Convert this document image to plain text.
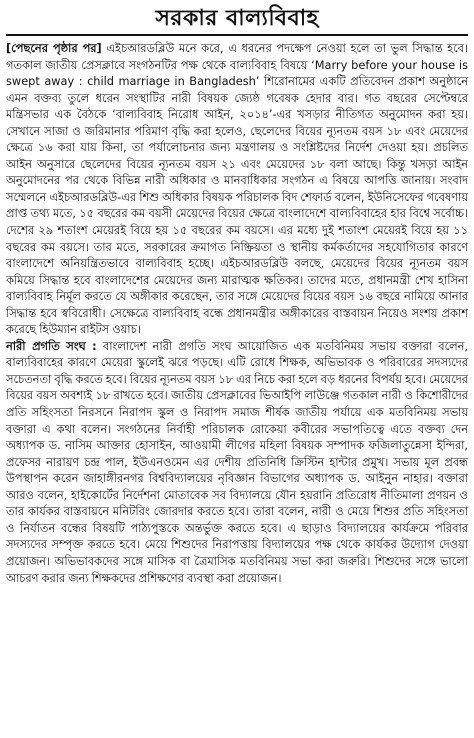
সরকার বাল্যবিবাহ

[পেছনের পৃষ্ঠার পর] এইচআরডব্লিউ মনে করে, এ ধরনের পদক্ষেপ নেওয়া হলে তা ভুল সিদ্ধান্ত হবে। গতকাল জাতীয় প্রেসক্লাবে সংগঠনটির পক্ষ থেকে বাল্যবিবাহ বিষয়ে ‘Marry before your house is swept away : child marriage in Bangladesh’ শিরোনামের একটি প্রতিবেদন প্রকাশ অনুষ্ঠানে এমন বক্তব্য তুলে ধরেন সংস্থাটির নারী বিষয়ক জ্যেষ্ঠ গবেষক হেদার বার। গত বছরের সেপ্টেম্বরে মন্ত্রিসভার এক বৈঠকে ‘বাল্যবিবাহ নিরোধ আইন, ২০১৪’-এর খসড়ার নীতিগত অনুমোদন করা হয়। সেখানে সাজা ও জরিমানার পরিমাণ বৃদ্ধি করা হলেও, ছেলেদের বিয়ের ন্যূনতম বয়স ১৮ এবং মেয়েদের ক্ষেত্রে ১৬ করা যায় কিনা, তা পর্যালোচনার জন্য মন্ত্রণালয় ও সংশ্লিষ্টদের নির্দেশ দেওয়া হয়। প্রচলিত আইন অনুসারে ছেলেদের বিয়ের ন্যূনতম বয়স ২১ এবং মেয়েদের ১৮ বলা আছে। কিন্তু খসড়া আইন অনুমোদনের পর থেকে বিভিন্ন নারী অধিকার ও মানবাধিকার সংগঠন এ বিষয়ে আপত্তি জানায়। সংবাদ সম্মেলনে এইচআরডব্লিউ-এর শিশু অধিকার বিষয়ক পরিচালক বিদ শেফার্ড বলেন, ইউনিসেফের গবেষণায় প্রাপ্ত তথ্য মতে, ১৫ বছরের কম বয়সী মেয়েদের বিয়ের ক্ষেত্রে বাংলাদেশে বাল্যবিবাহের হার বিশ্বে সর্বোচ্চ। দেশের ২৯ শতাংশ মেয়েরই বিয়ে হয় ১৫ বছরের কম বয়সে। এর মধ্যে দুই শতাংশ মেয়েরই বিয়ে হয় ১১ বছরের কম বয়সে। তার মতে, সরকারের ক্রমাগত নিষ্ক্রিয়তা ও স্থানীয় কর্মকর্তাদের সহযোগিতার কারণে বাংলাদেশে অনিয়ন্ত্রিতভাবে বাল্যবিবাহ হচ্ছে। এইচআরডব্লিউ বলছে, মেয়েদের বিয়ের ন্যূনতম বয়স কমিয়ে সিদ্ধান্ত হবে বাংলাদেশের মেয়েদের জন্য মারাত্মক ক্ষতিকর। তাদের মতে, প্রধানমন্ত্রী শেখ হাসিনা বাল্যবিবাহ নির্মূল করতে যে অঙ্গীকার করেছেন, তার সঙ্গে মেয়েদের বিয়ের বয়স ১৬ বছরে নামিয়ে আনার সিদ্ধান্ত হবে স্ববিরোধী। সেক্ষেত্রে বাল্যবিবাহ বন্ধে প্রধানমন্ত্রীর অঙ্গীকারের বাস্তবায়ন নিয়েও সংশয় প্রকাশ করেছে হিউম্যান রাইটস ওয়াচ।

নারী প্রগতি সংঘ : বাংলাদেশ নারী প্রগতি সংঘ আয়োজিত এক মতবিনিময় সভায় বক্তারা বলেন, বাল্যবিবাহের কারণে মেয়েরা স্কুলেই ঝরে পড়ছে। এটি রোধে শিক্ষক, অভিভাবক ও পরিবারের সদস্যদের সচেতনতা বৃদ্ধি করতে হবে। বিয়ের ন্যূনতম বয়স ১৮ এর নিচে করা হলে বড় ধরনের বিপর্যয় হবে। মেয়েদের বিয়ের বয়স অবশ্যই ১৮ রাখতে হবে। জাতীয় প্রেসক্লাবের ভিআইপি লাউঞ্জে গতকাল নারী ও কিশোরীদের প্রতি সহিংসতা নিরসনে নিরাপদ স্কুল ও নিরাপদ সমাজ শীর্ষক জাতীয় পর্যায়ে এক মতবিনিময় সভায় বক্তারা এ কথা বলেন। সংগঠনের নির্বাহী পরিচালক রোকেয়া কবীরের সভাপতিত্বে এতে বক্তব্য দেন অধ্যাপক ড. নাসিম আক্তার হোসাইন, আওয়ামী লীগের মহিলা বিষয়ক সম্পাদক ফজিলাতুন্নেসা ইন্দিরা, প্রফেসর নারায়ণ চন্দ্র পাল, ইউএনওমেন এর দেশীয় প্রতিনিধি ক্রিস্টিন হান্টার প্রমুখ। সভায় মূল প্রবন্ধ উপস্থাপন করেন জাহাঙ্গীরনগর বিশ্ববিদ্যালয়ের নৃবিজ্ঞান বিভাগের অধ্যাপক ড. আইনুন নাহার। বক্তারা আরও বলেন, হাইকোর্টের নির্দেশনা মোতাবেক সব বিদ্যালয়ে যৌন হয়রানি প্রতিরোধ নীতিমালা প্রণয়ন ও তার কার্যকর বাস্তবায়নে মনিটরিং জোরদার করতে হবে। তারা বলেন, নারী ও মেয়ে শিশুর প্রতি সহিংসতা ও নির্যাতন বন্ধের বিষয়টি পাঠ্যপুস্তকে অন্তর্ভুক্ত করতে হবে। এ ছাড়াও বিদ্যালয়ের কার্যক্রমে পরিবার সদস্যদের সম্পৃক্ত করতে হবে। মেয়ে শিশুদের নিরাপত্তায় বিদ্যালয়ের পক্ষ থেকে কার্যকর উদ্যোগ দেওয়া প্রয়োজন। অভিভাবকদের সঙ্গে মাসিক বা ত্রৈমাসিক মতবিনিময় সভা করা জরুরি। শিশুদের সঙ্গে ভালো আচরণ করার জন্য শিক্ষকদের প্রশিক্ষণের ব্যবস্থা করা প্রয়োজন।
